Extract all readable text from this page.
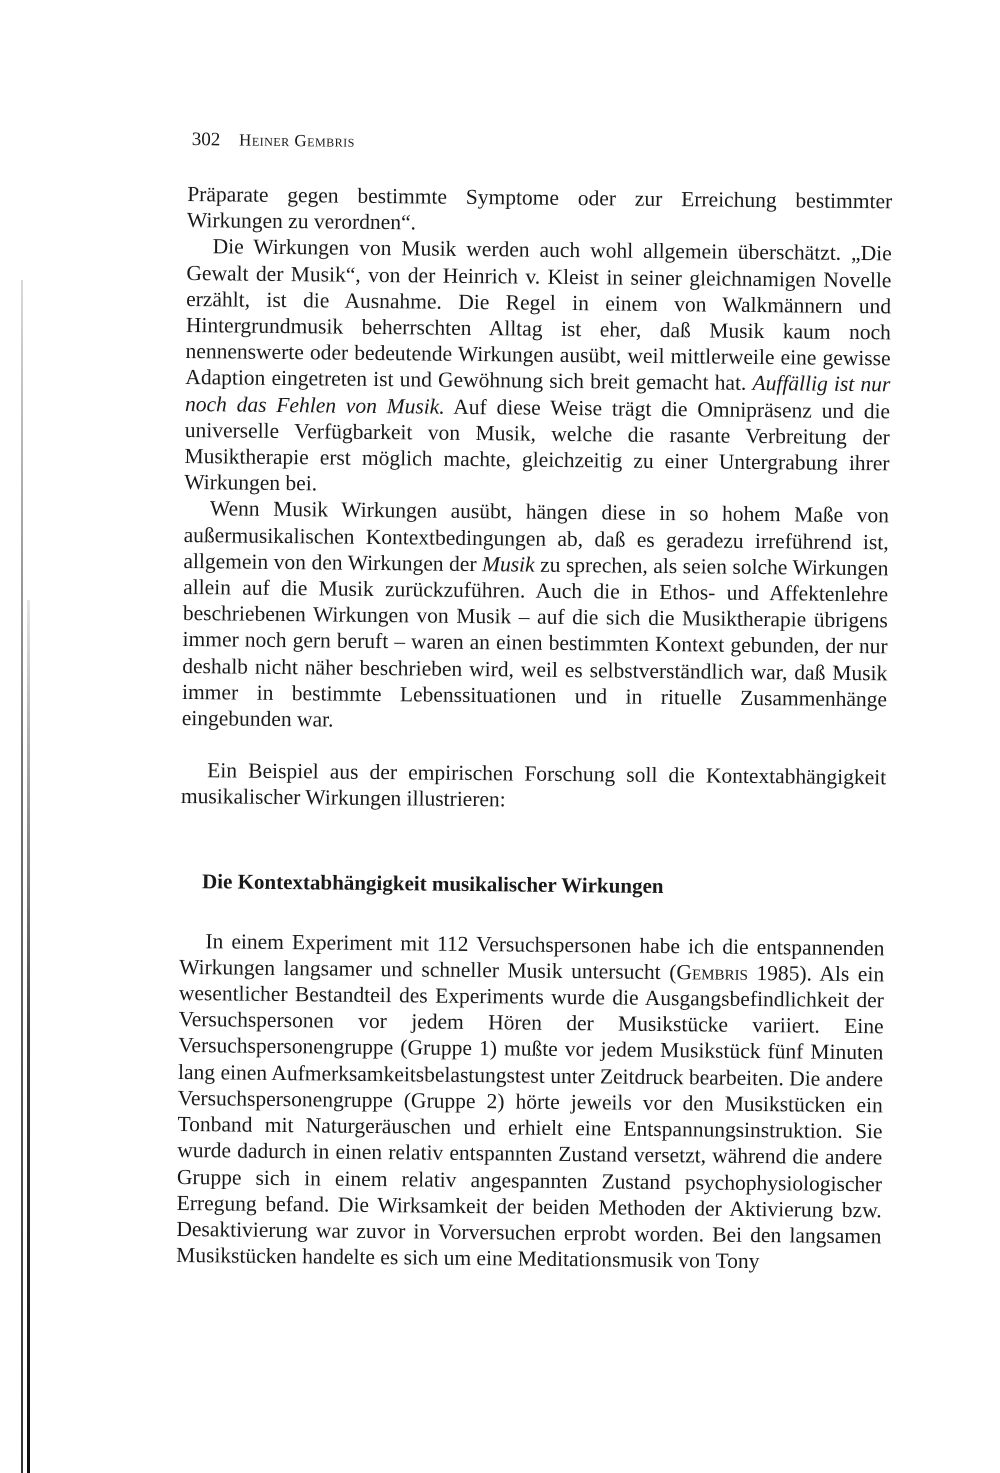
302 Heiner Gembris

Präparate gegen bestimmte Symptome oder zur Erreichung bestimmter Wirkungen zu verordnen“.

Die Wirkungen von Musik werden auch wohl allgemein überschätzt. „Die Gewalt der Musik“, von der Heinrich v. Kleist in seiner gleichnamigen Novelle erzählt, ist die Ausnahme. Die Regel in einem von Walkmännern und Hintergrundmusik beherrschten Alltag ist eher, daß Musik kaum noch nennenswerte oder bedeutende Wirkungen ausübt, weil mittlerweile eine gewisse Adaption eingetreten ist und Gewöhnung sich breit gemacht hat. Auffällig ist nur noch das Fehlen von Musik. Auf diese Weise trägt die Omnipräsenz und die universelle Verfügbarkeit von Musik, welche die rasante Verbreitung der Musiktherapie erst möglich machte, gleichzeitig zu einer Untergrabung ihrer Wirkungen bei.

Wenn Musik Wirkungen ausübt, hängen diese in so hohem Maße von außermusikalischen Kontextbedingungen ab, daß es geradezu irreführend ist, allgemein von den Wirkungen der Musik zu sprechen, als seien solche Wirkungen allein auf die Musik zurückzuführen. Auch die in Ethos- und Affektenlehre beschriebenen Wirkungen von Musik – auf die sich die Musiktherapie übrigens immer noch gern beruft – waren an einen bestimmten Kontext gebunden, der nur deshalb nicht näher beschrieben wird, weil es selbstverständlich war, daß Musik immer in bestimmte Lebenssituationen und in rituelle Zusammenhänge eingebunden war.

Ein Beispiel aus der empirischen Forschung soll die Kontextabhängigkeit musikalischer Wirkungen illustrieren:

Die Kontextabhängigkeit musikalischer Wirkungen

In einem Experiment mit 112 Versuchspersonen habe ich die entspannenden Wirkungen langsamer und schneller Musik untersucht (Gembris 1985). Als ein wesentlicher Bestandteil des Experiments wurde die Ausgangsbefindlichkeit der Versuchspersonen vor jedem Hören der Musikstücke variiert. Eine Versuchspersonengruppe (Gruppe 1) mußte vor jedem Musikstück fünf Minuten lang einen Aufmerksamkeitsbelastungstest unter Zeitdruck bearbeiten. Die andere Versuchspersonengruppe (Gruppe 2) hörte jeweils vor den Musikstücken ein Tonband mit Naturgeräuschen und erhielt eine Entspannungsinstruktion. Sie wurde dadurch in einen relativ entspannten Zustand versetzt, während die andere Gruppe sich in einem relativ angespannten Zustand psychophysiologischer Erregung befand. Die Wirksamkeit der beiden Methoden der Aktivierung bzw. Desaktivierung war zuvor in Vorversuchen erprobt worden. Bei den langsamen Musikstücken handelte es sich um eine Meditationsmusik von Tony
